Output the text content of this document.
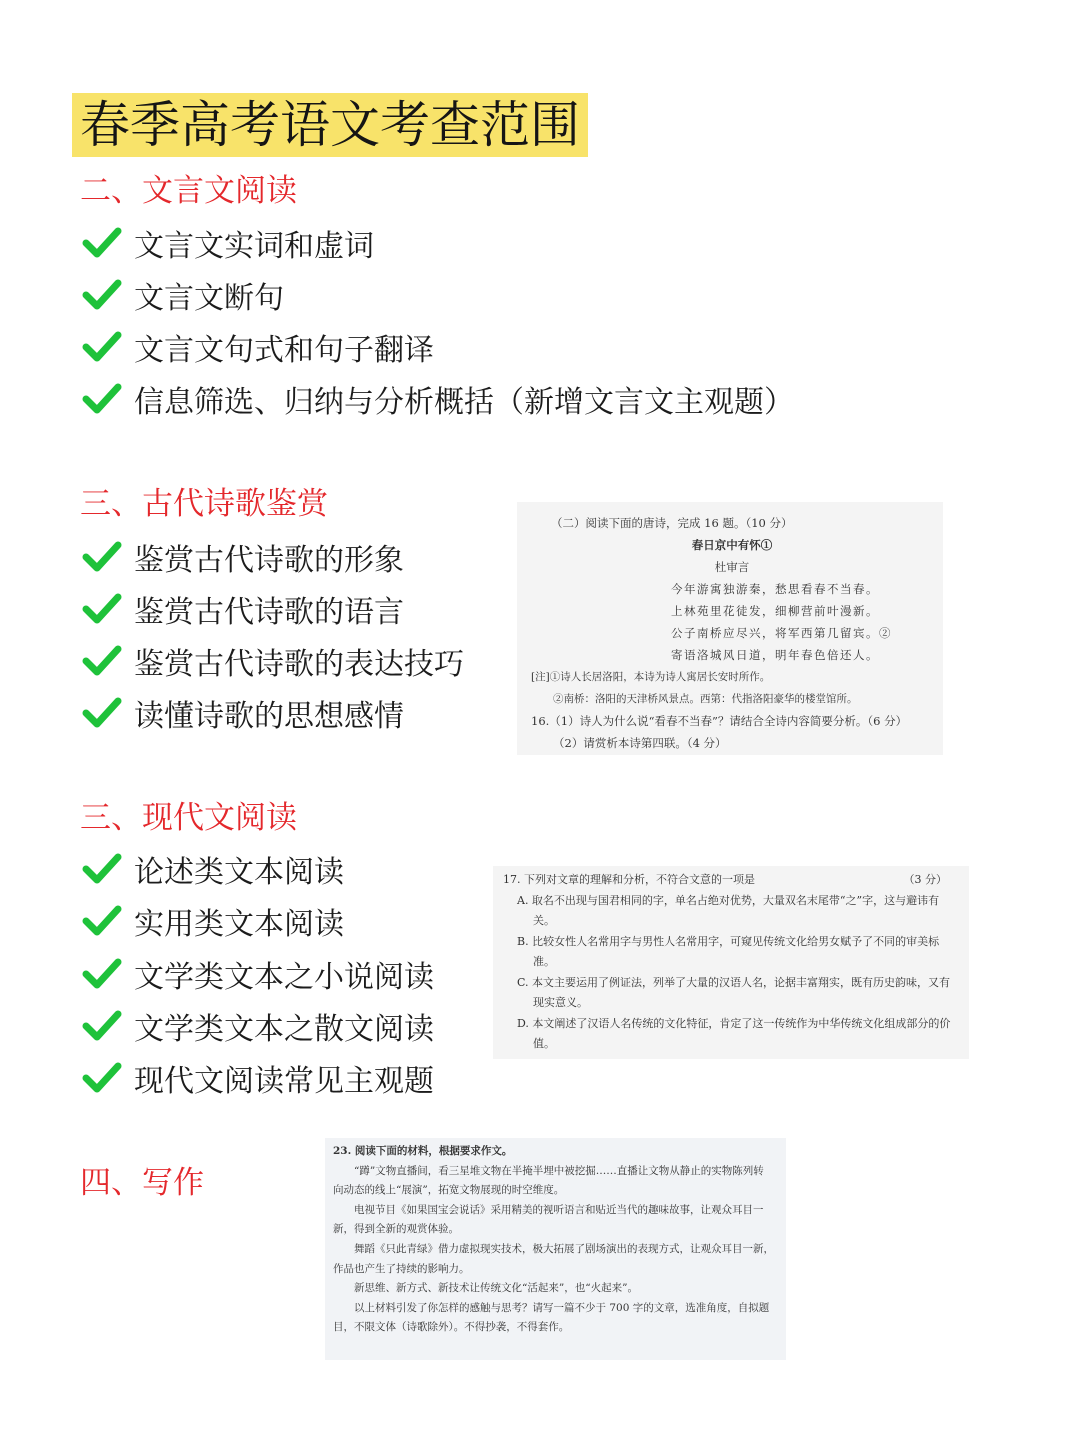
春季高考语文考查范围
二、文言文阅读
文言文实词和虚词
文言文断句
文言文句式和句子翻译
信息筛选、归纳与分析概括（新增文言文主观题）
三、古代诗歌鉴赏
鉴赏古代诗歌的形象
鉴赏古代诗歌的语言
鉴赏古代诗歌的表达技巧
读懂诗歌的思想感情
（二）阅读下面的唐诗，完成 16 题。（10 分）
春日京中有怀①
杜审言
今年游寓独游秦，愁思看春不当春。
上林苑里花徒发，细柳营前叶漫新。
公子南桥应尽兴，将军西第几留宾。②
寄语洛城风日道，明年春色倍还人。
[注]①诗人长居洛阳，本诗为诗人寓居长安时所作。
②南桥：洛阳的天津桥风景点。西第：代指洛阳豪华的楼堂馆所。
16.（1）诗人为什么说“看春不当春”？请结合全诗内容简要分析。（6 分）
（2）请赏析本诗第四联。（4 分）
三、现代文阅读
论述类文本阅读
实用类文本阅读
文学类文本之小说阅读
文学类文本之散文阅读
现代文阅读常见主观题
17. 下列对文章的理解和分析，不符合文意的一项是	（3 分）
A. 取名不出现与国君相同的字，单名占绝对优势，大量双名末尾带“之”字，这与避讳有关。
B. 比较女性人名常用字与男性人名常用字，可窥见传统文化给男女赋予了不同的审美标准。
C. 本文主要运用了例证法，列举了大量的汉语人名，论据丰富翔实，既有历史韵味，又有现实意义。
D. 本文阐述了汉语人名传统的文化特征，肯定了这一传统作为中华传统文化组成部分的价值。
四、写作
23. 阅读下面的材料，根据要求作文。
“蹲”文物直播间，看三星堆文物在半掩半埋中被挖掘……直播让文物从静止的实物陈列转向动态的线上“展演”，拓宽文物展现的时空维度。
电视节目《如果国宝会说话》采用精美的视听语言和贴近当代的趣味故事，让观众耳目一新，得到全新的观赏体验。
舞蹈《只此青绿》借力虚拟现实技术，极大拓展了剧场演出的表现方式，让观众耳目一新，作品也产生了持续的影响力。
新思维、新方式、新技术让传统文化“活起来”，也“火起来”。
以上材料引发了你怎样的感触与思考？请写一篇不少于 700 字的文章，选准角度，自拟题目，不限文体（诗歌除外）。不得抄袭，不得套作。
